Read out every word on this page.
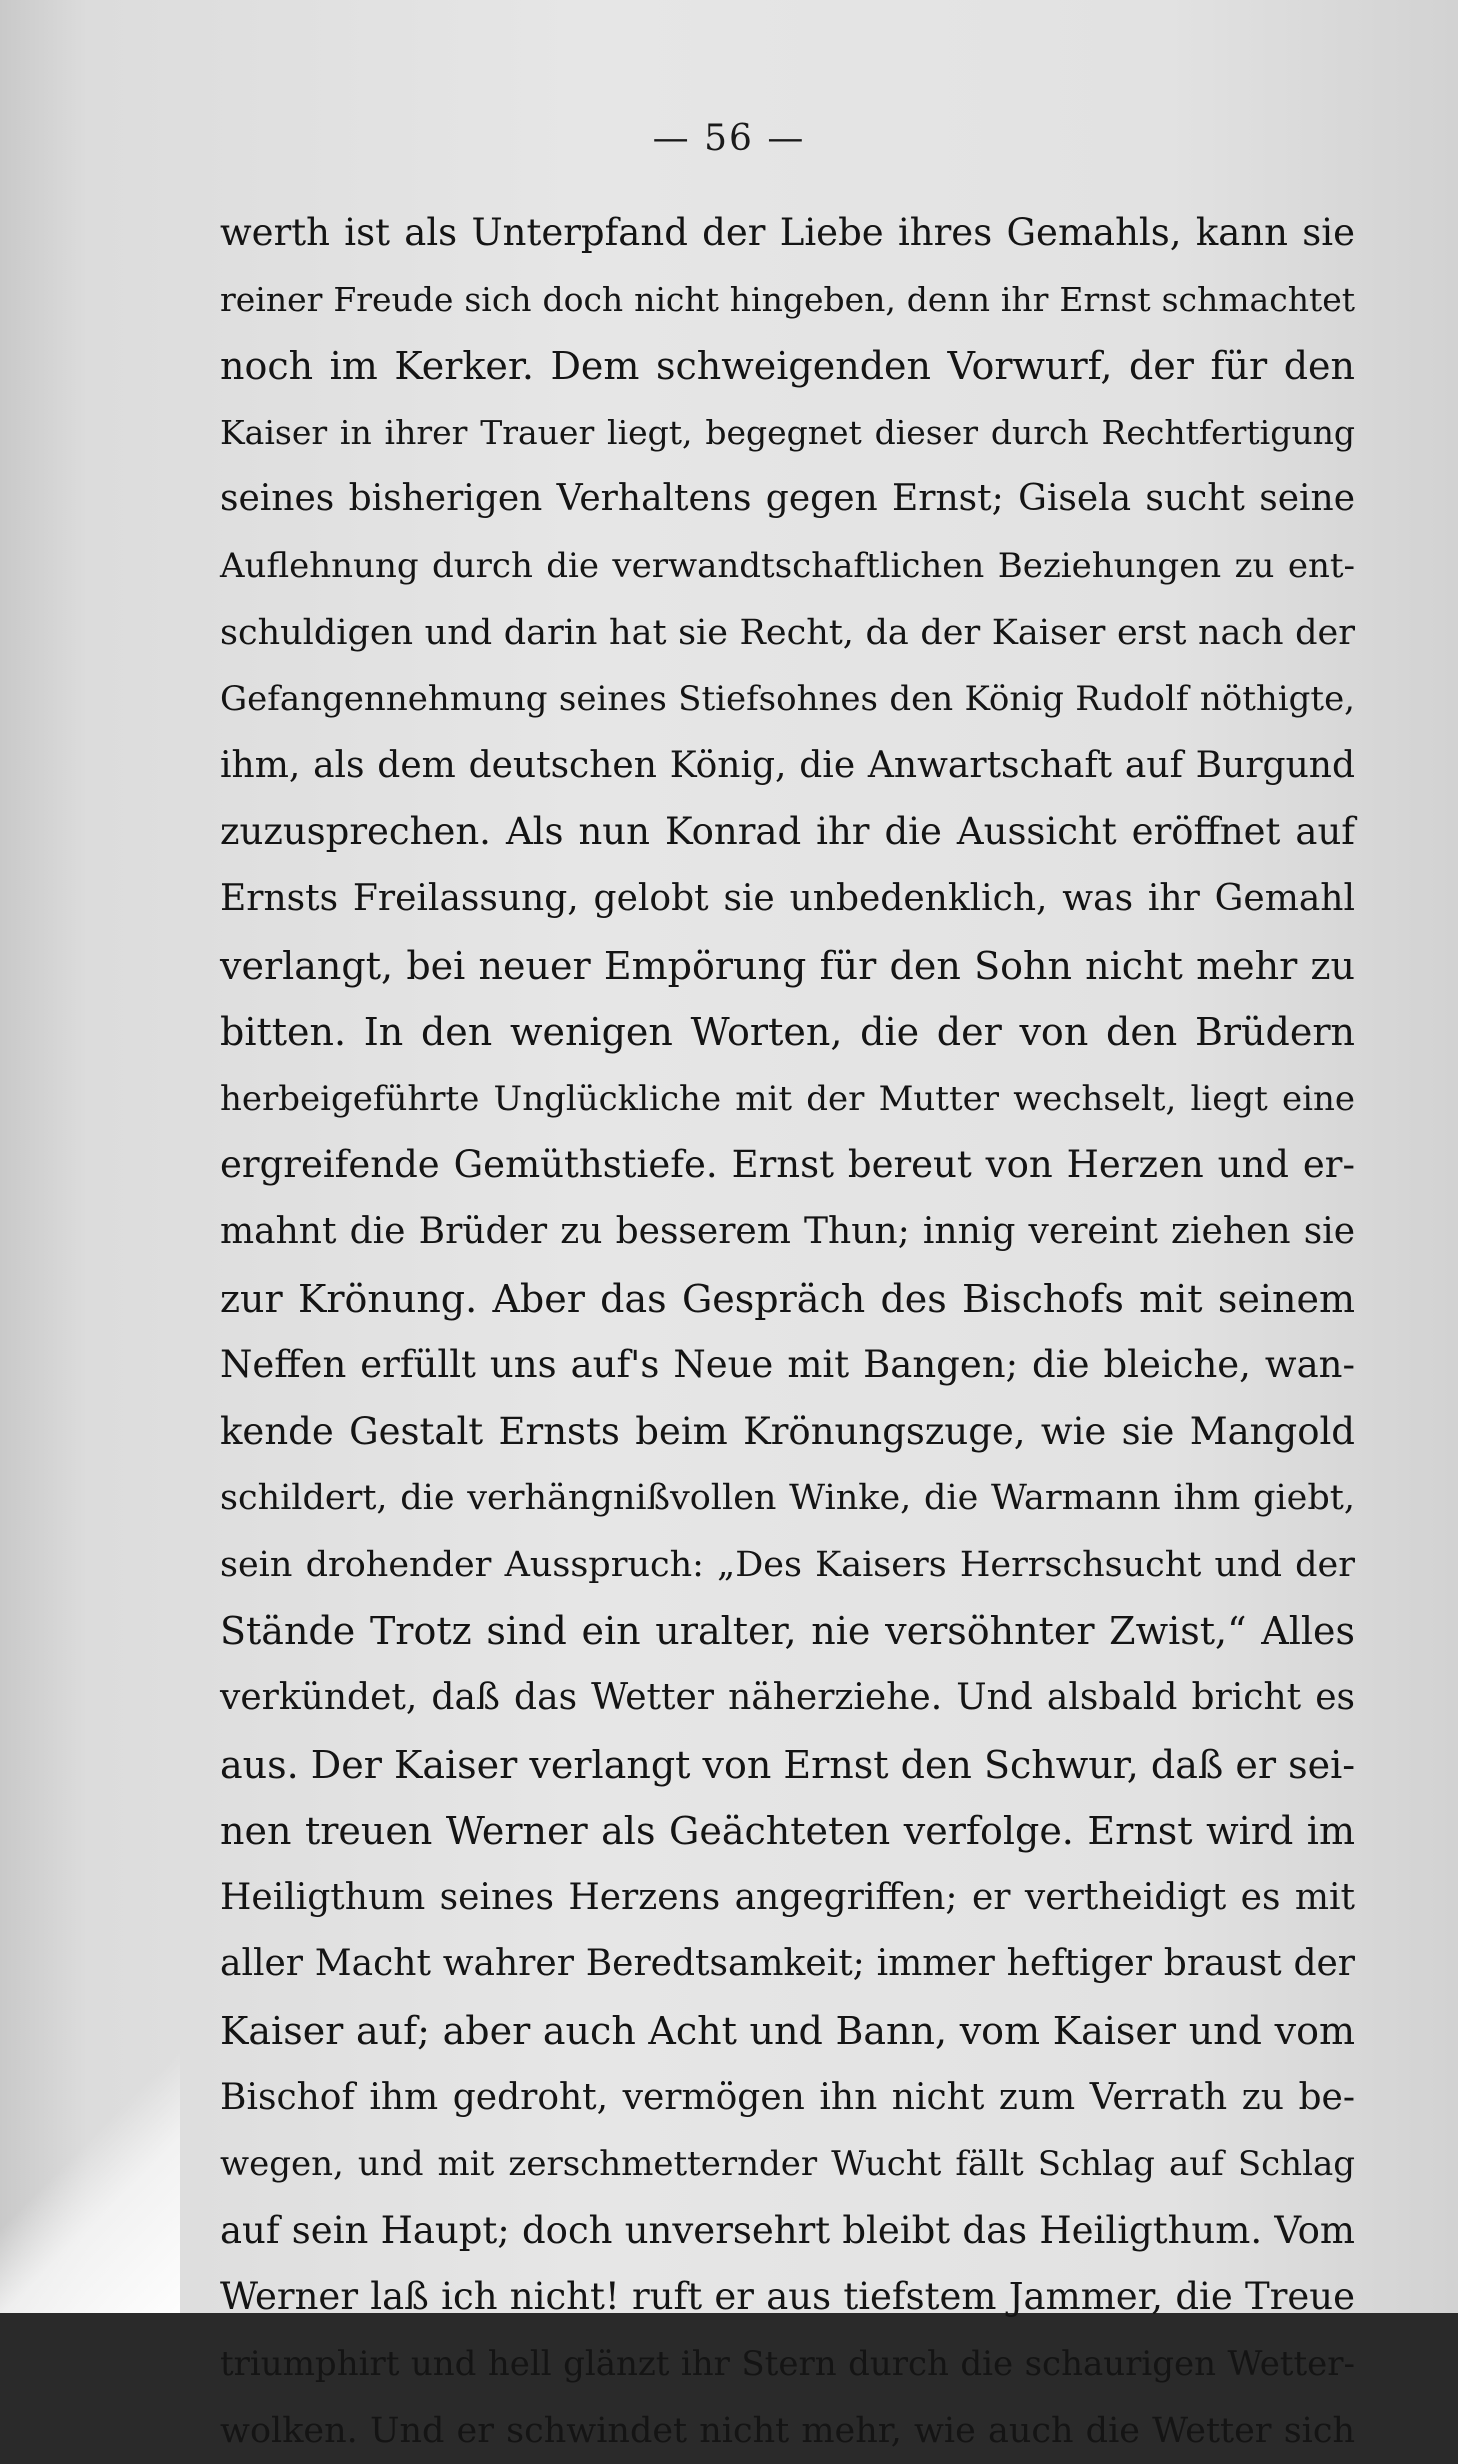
— 56 —
werth ist als Unterpfand der Liebe ihres Gemahls, kann sie
reiner Freude sich doch nicht hingeben, denn ihr Ernst schmachtet
noch im Kerker. Dem schweigenden Vorwurf, der für den
Kaiser in ihrer Trauer liegt, begegnet dieser durch Rechtfertigung
seines bisherigen Verhaltens gegen Ernst; Gisela sucht seine
Auflehnung durch die verwandtschaftlichen Beziehungen zu ent-
schuldigen und darin hat sie Recht, da der Kaiser erst nach der
Gefangennehmung seines Stiefsohnes den König Rudolf nöthigte,
ihm, als dem deutschen König, die Anwartschaft auf Burgund
zuzusprechen. Als nun Konrad ihr die Aussicht eröffnet auf
Ernsts Freilassung, gelobt sie unbedenklich, was ihr Gemahl
verlangt, bei neuer Empörung für den Sohn nicht mehr zu
bitten. In den wenigen Worten, die der von den Brüdern
herbeigeführte Unglückliche mit der Mutter wechselt, liegt eine
ergreifende Gemüthstiefe. Ernst bereut von Herzen und er-
mahnt die Brüder zu besserem Thun; innig vereint ziehen sie
zur Krönung. Aber das Gespräch des Bischofs mit seinem
Neffen erfüllt uns auf's Neue mit Bangen; die bleiche, wan-
kende Gestalt Ernsts beim Krönungszuge, wie sie Mangold
schildert, die verhängnißvollen Winke, die Warmann ihm giebt,
sein drohender Ausspruch: „Des Kaisers Herrschsucht und der
Stände Trotz sind ein uralter, nie versöhnter Zwist,“ Alles
verkündet, daß das Wetter näherziehe. Und alsbald bricht es
aus. Der Kaiser verlangt von Ernst den Schwur, daß er sei-
nen treuen Werner als Geächteten verfolge. Ernst wird im
Heiligthum seines Herzens angegriffen; er vertheidigt es mit
aller Macht wahrer Beredtsamkeit; immer heftiger braust der
Kaiser auf; aber auch Acht und Bann, vom Kaiser und vom
Bischof ihm gedroht, vermögen ihn nicht zum Verrath zu be-
wegen, und mit zerschmetternder Wucht fällt Schlag auf Schlag
auf sein Haupt; doch unversehrt bleibt das Heiligthum. Vom
Werner laß ich nicht! ruft er aus tiefstem Jammer, die Treue
triumphirt und hell glänzt ihr Stern durch die schaurigen Wetter-
wolken. Und er schwindet nicht mehr, wie auch die Wetter sich
